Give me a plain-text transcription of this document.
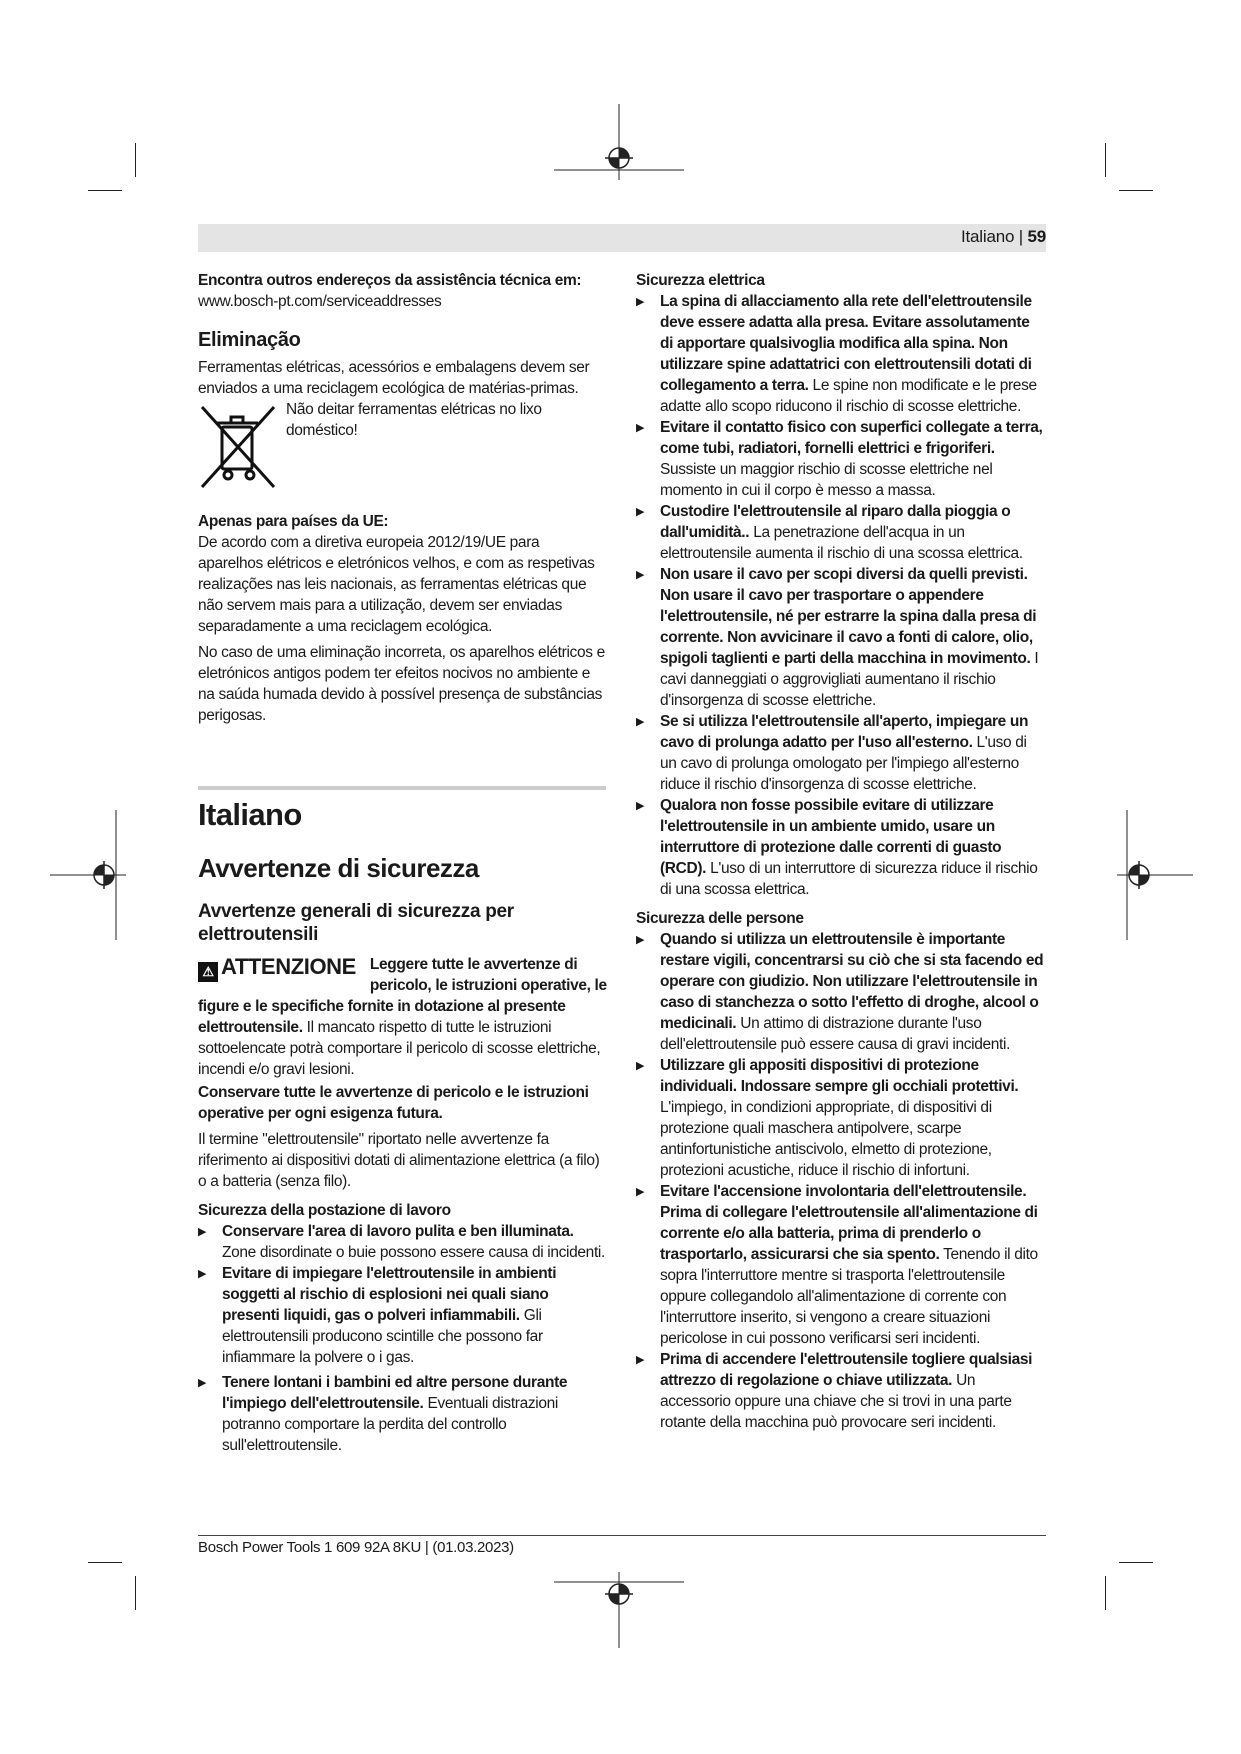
Italiano | 59

Encontra outros endereços da assistência técnica em:

www.bosch-pt.com/serviceaddresses

Eliminação

Ferramentas elétricas, acessórios e embalagens devem ser enviados a uma reciclagem ecológica de matérias-primas.

Não deitar ferramentas elétricas no lixo doméstico!

Apenas para países da UE:

De acordo com a diretiva europeia 2012/19/UE para aparelhos elétricos e eletrónicos velhos, e com as respetivas realizações nas leis nacionais, as ferramentas elétricas que não servem mais para a utilização, devem ser enviadas separadamente a uma reciclagem ecológica.

No caso de uma eliminação incorreta, os aparelhos elétricos e eletrónicos antigos podem ter efeitos nocivos no ambiente e na saúda humada devido à possível presença de substâncias perigosas.

Italiano

Avvertenze di sicurezza

Avvertenze generali di sicurezza per elettroutensili

⚠ ATTENZIONE Leggere tutte le avvertenze di pericolo, le istruzioni operative, le figure e le specifiche fornite in dotazione al presente elettroutensile. Il mancato rispetto di tutte le istruzioni sottoelencate potrà comportare il pericolo di scosse elettriche, incendi e/o gravi lesioni.

Conservare tutte le avvertenze di pericolo e le istruzioni operative per ogni esigenza futura.

Il termine "elettroutensile" riportato nelle avvertenze fa riferimento ai dispositivi dotati di alimentazione elettrica (a filo) o a batteria (senza filo).

Sicurezza della postazione di lavoro

▶ Conservare l'area di lavoro pulita e ben illuminata. Zone disordinate o buie possono essere causa di incidenti.

▶ Evitare di impiegare l'elettroutensile in ambienti soggetti al rischio di esplosioni nei quali siano presenti liquidi, gas o polveri infiammabili. Gli elettroutensili producono scintille che possono far infiammare la polvere o i gas.

▶ Tenere lontani i bambini ed altre persone durante l'impiego dell'elettroutensile. Eventuali distrazioni potranno comportare la perdita del controllo sull'elettroutensile.

Sicurezza elettrica

▶ La spina di allacciamento alla rete dell'elettroutensile deve essere adatta alla presa. Evitare assolutamente di apportare qualsivoglia modifica alla spina. Non utilizzare spine adattatrici con elettroutensili dotati di collegamento a terra. Le spine non modificate e le prese adatte allo scopo riducono il rischio di scosse elettriche.

▶ Evitare il contatto fisico con superfici collegate a terra, come tubi, radiatori, fornelli elettrici e frigoriferi. Sussiste un maggior rischio di scosse elettriche nel momento in cui il corpo è messo a massa.

▶ Custodire l'elettroutensile al riparo dalla pioggia o dall'umidità.. La penetrazione dell'acqua in un elettroutensile aumenta il rischio di una scossa elettrica.

▶ Non usare il cavo per scopi diversi da quelli previsti. Non usare il cavo per trasportare o appendere l'elettroutensile, né per estrarre la spina dalla presa di corrente. Non avvicinare il cavo a fonti di calore, olio, spigoli taglienti e parti della macchina in movimento. I cavi danneggiati o aggrovigliati aumentano il rischio d'insorgenza di scosse elettriche.

▶ Se si utilizza l'elettroutensile all'aperto, impiegare un cavo di prolunga adatto per l'uso all'esterno. L'uso di un cavo di prolunga omologato per l'impiego all'esterno riduce il rischio d'insorgenza di scosse elettriche.

▶ Qualora non fosse possibile evitare di utilizzare l'elettroutensile in un ambiente umido, usare un interruttore di protezione dalle correnti di guasto (RCD). L'uso di un interruttore di sicurezza riduce il rischio di una scossa elettrica.

Sicurezza delle persone

▶ Quando si utilizza un elettroutensile è importante restare vigili, concentrarsi su ciò che si sta facendo ed operare con giudizio. Non utilizzare l'elettroutensile in caso di stanchezza o sotto l'effetto di droghe, alcool o medicinali. Un attimo di distrazione durante l'uso dell'elettroutensile può essere causa di gravi incidenti.

▶ Utilizzare gli appositi dispositivi di protezione individuali. Indossare sempre gli occhiali protettivi. L'impiego, in condizioni appropriate, di dispositivi di protezione quali maschera antipolvere, scarpe antinfortunistiche antiscivolo, elmetto di protezione, protezioni acustiche, riduce il rischio di infortuni.

▶ Evitare l'accensione involontaria dell'elettroutensile. Prima di collegare l'elettroutensile all'alimentazione di corrente e/o alla batteria, prima di prenderlo o trasportarlo, assicurarsi che sia spento. Tenendo il dito sopra l'interruttore mentre si trasporta l'elettroutensile oppure collegandolo all'alimentazione di corrente con l'interruttore inserito, si vengono a creare situazioni pericolose in cui possono verificarsi seri incidenti.

▶ Prima di accendere l'elettroutensile togliere qualsiasi attrezzo di regolazione o chiave utilizzata. Un accessorio oppure una chiave che si trovi in una parte rotante della macchina può provocare seri incidenti.

Bosch Power Tools 1 609 92A 8KU | (01.03.2023)
